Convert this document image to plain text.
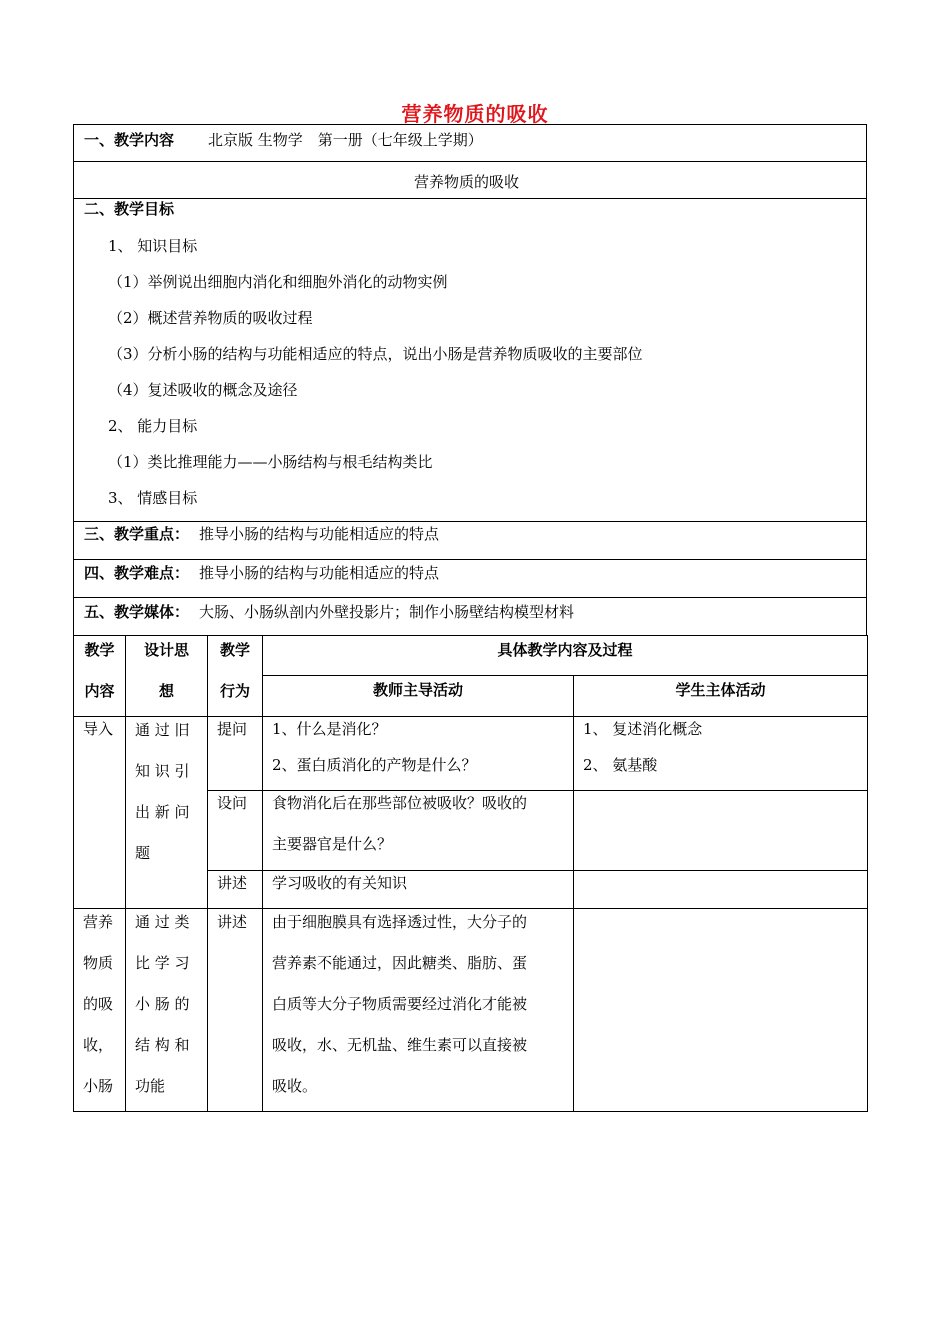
营养物质的吸收
一、教学内容 北京版 生物学　第一册（七年级上学期）
营养物质的吸收
二、教学目标
1、 知识目标
（1）举例说出细胞内消化和细胞外消化的动物实例
（2）概述营养物质的吸收过程
（3）分析小肠的结构与功能相适应的特点，说出小肠是营养物质吸收的主要部位
（4）复述吸收的概念及途径
2、 能力目标
（1）类比推理能力——小肠结构与根毛结构类比
3、 情感目标
三、教学重点： 推导小肠的结构与功能相适应的特点
四、教学难点： 推导小肠的结构与功能相适应的特点
五、教学媒体： 大肠、小肠纵剖内外壁投影片；制作小肠壁结构模型材料
教学
内容
设计思
想
教学
行为
具体教学内容及过程
教师主导活动	学生主体活动
导入 通 过 旧
知 识 引
出 新 问
题
提问 1、什么是消化？
2、蛋白质消化的产物是什么？
1、 复述消化概念
2、 氨基酸
设问 食物消化后在那些部位被吸收？吸收的
主要器官是什么？
讲述 学习吸收的有关知识
营养
物质
的吸
收，
小肠
通 过 类
比 学 习
小 肠 的
结 构 和
功能
讲述 由于细胞膜具有选择透过性，大分子的
营养素不能通过，因此糖类、脂肪、蛋
白质等大分子物质需要经过消化才能被
吸收，水、无机盐、维生素可以直接被
吸收。
